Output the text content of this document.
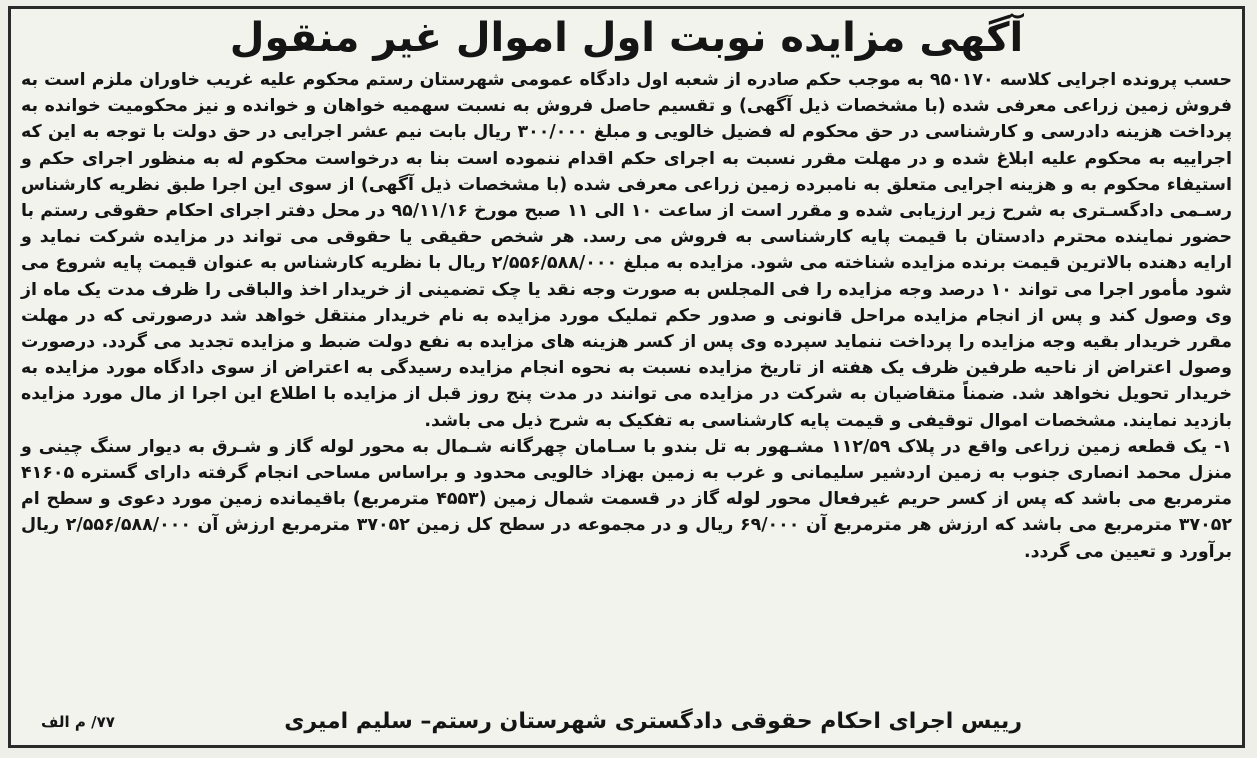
آگهی مزایده نوبت اول اموال غیر منقول

حسب پرونده اجرایی کلاسه ۹۵۰۱۷۰ به موجب حکم صادره از شعبه اول دادگاه عمومی شهرستان رستم محکوم علیه غریب خاوران ملزم است به فروش زمین زراعی معرفی شده (با مشخصات ذیل آگهی) و تقسیم حاصل فروش به نسبت سهمیه خواهان و خوانده و نیز محکومیت خوانده به پرداخت هزینه دادرسی و کارشناسی در حق محکوم له فضیل خالویی و مبلغ ۳۰۰/۰۰۰ ریال بابت نیم عشر اجرایی در حق دولت با توجه به این که اجراییه به محکوم علیه ابلاغ شده و در مهلت مقرر نسبت به اجرای حکم اقدام ننموده است بنا به درخواست محکوم له به منظور اجرای حکم و استیفاء محکوم به و هزینه اجرایی متعلق به نامبرده زمین زراعی معرفی شده (با مشخصات ذیل آگهی) از سوی این اجرا طبق نظریه کارشناس رسـمی دادگسـتری به شرح زیر ارزیابی شده و مقرر است از ساعت ۱۰ الی ۱۱ صبح مورخ ۹۵/۱۱/۱۶ در محل دفتر اجرای احکام حقوقی رستم با حضور نماینده محترم دادستان با قیمت پایه کارشناسی به فروش می رسد. هر شخص حقیقی یا حقوقی می تواند در مزایده شرکت نماید و ارایه دهنده بالاترین قیمت برنده مزایده شناخته می شود. مزایده به مبلغ ۲/۵۵۶/۵۸۸/۰۰۰ ریال با نظریه کارشناس به عنوان قیمت پایه شروع می شود مأمور اجرا می تواند ۱۰ درصد وجه مزایده را فی المجلس به صورت وجه نقد یا چک تضمینی از خریدار اخذ والباقی را ظرف مدت یک ماه از وی وصول کند و پس از انجام مزایده مراحل قانونی و صدور حکم تملیک مورد مزایده به نام خریدار منتقل خواهد شد درصورتی که در مهلت مقرر خریدار بقیه وجه مزایده را پرداخت ننماید سپرده وی پس از کسر هزینه های مزایده به نفع دولت ضبط و مزایده تجدید می گردد. درصورت وصول اعتراض از ناحیه طرفین ظرف یک هفته از تاریخ مزایده نسبت به نحوه انجام مزایده رسیدگی به اعتراض از سوی دادگاه مورد مزایده به خریدار تحویل نخواهد شد. ضمناً متقاضیان به شرکت در مزایده می توانند در مدت پنج روز قبل از مزایده با اطلاع این اجرا از مال مورد مزایده بازدید نمایند. مشخصات اموال توقیفی و قیمت پایه کارشناسی به تفکیک به شرح ذیل می باشد.

۱- یک قطعه زمین زراعی واقع در پلاک ۱۱۲/۵۹ مشـهور به تل بندو با سـامان چهرگانه شـمال به محور لوله گاز و شـرق به دیوار سنگ چینی و منزل محمد انصاری جنوب به زمین اردشیر سلیمانی و غرب به زمین بهزاد خالویی محدود و براساس مساحی انجام گرفته دارای گستره ۴۱۶۰۵ مترمربع می باشد که پس از کسر حریم غیرفعال محور لوله گاز در قسمت شمال زمین (۴۵۵۳ مترمربع) باقیمانده زمین مورد دعوی و سطح ام ۳۷۰۵۲ مترمربع می باشد که ارزش هر مترمربع آن ۶۹/۰۰۰ ریال و در مجموعه در سطح کل زمین ۳۷۰۵۲ مترمربع ارزش آن ۲/۵۵۶/۵۸۸/۰۰۰ ریال برآورد و تعیین می گردد.
رییس اجرای احکام حقوقی دادگستری شهرستان رستم– سلیم امیری
۷۷/ م الف
